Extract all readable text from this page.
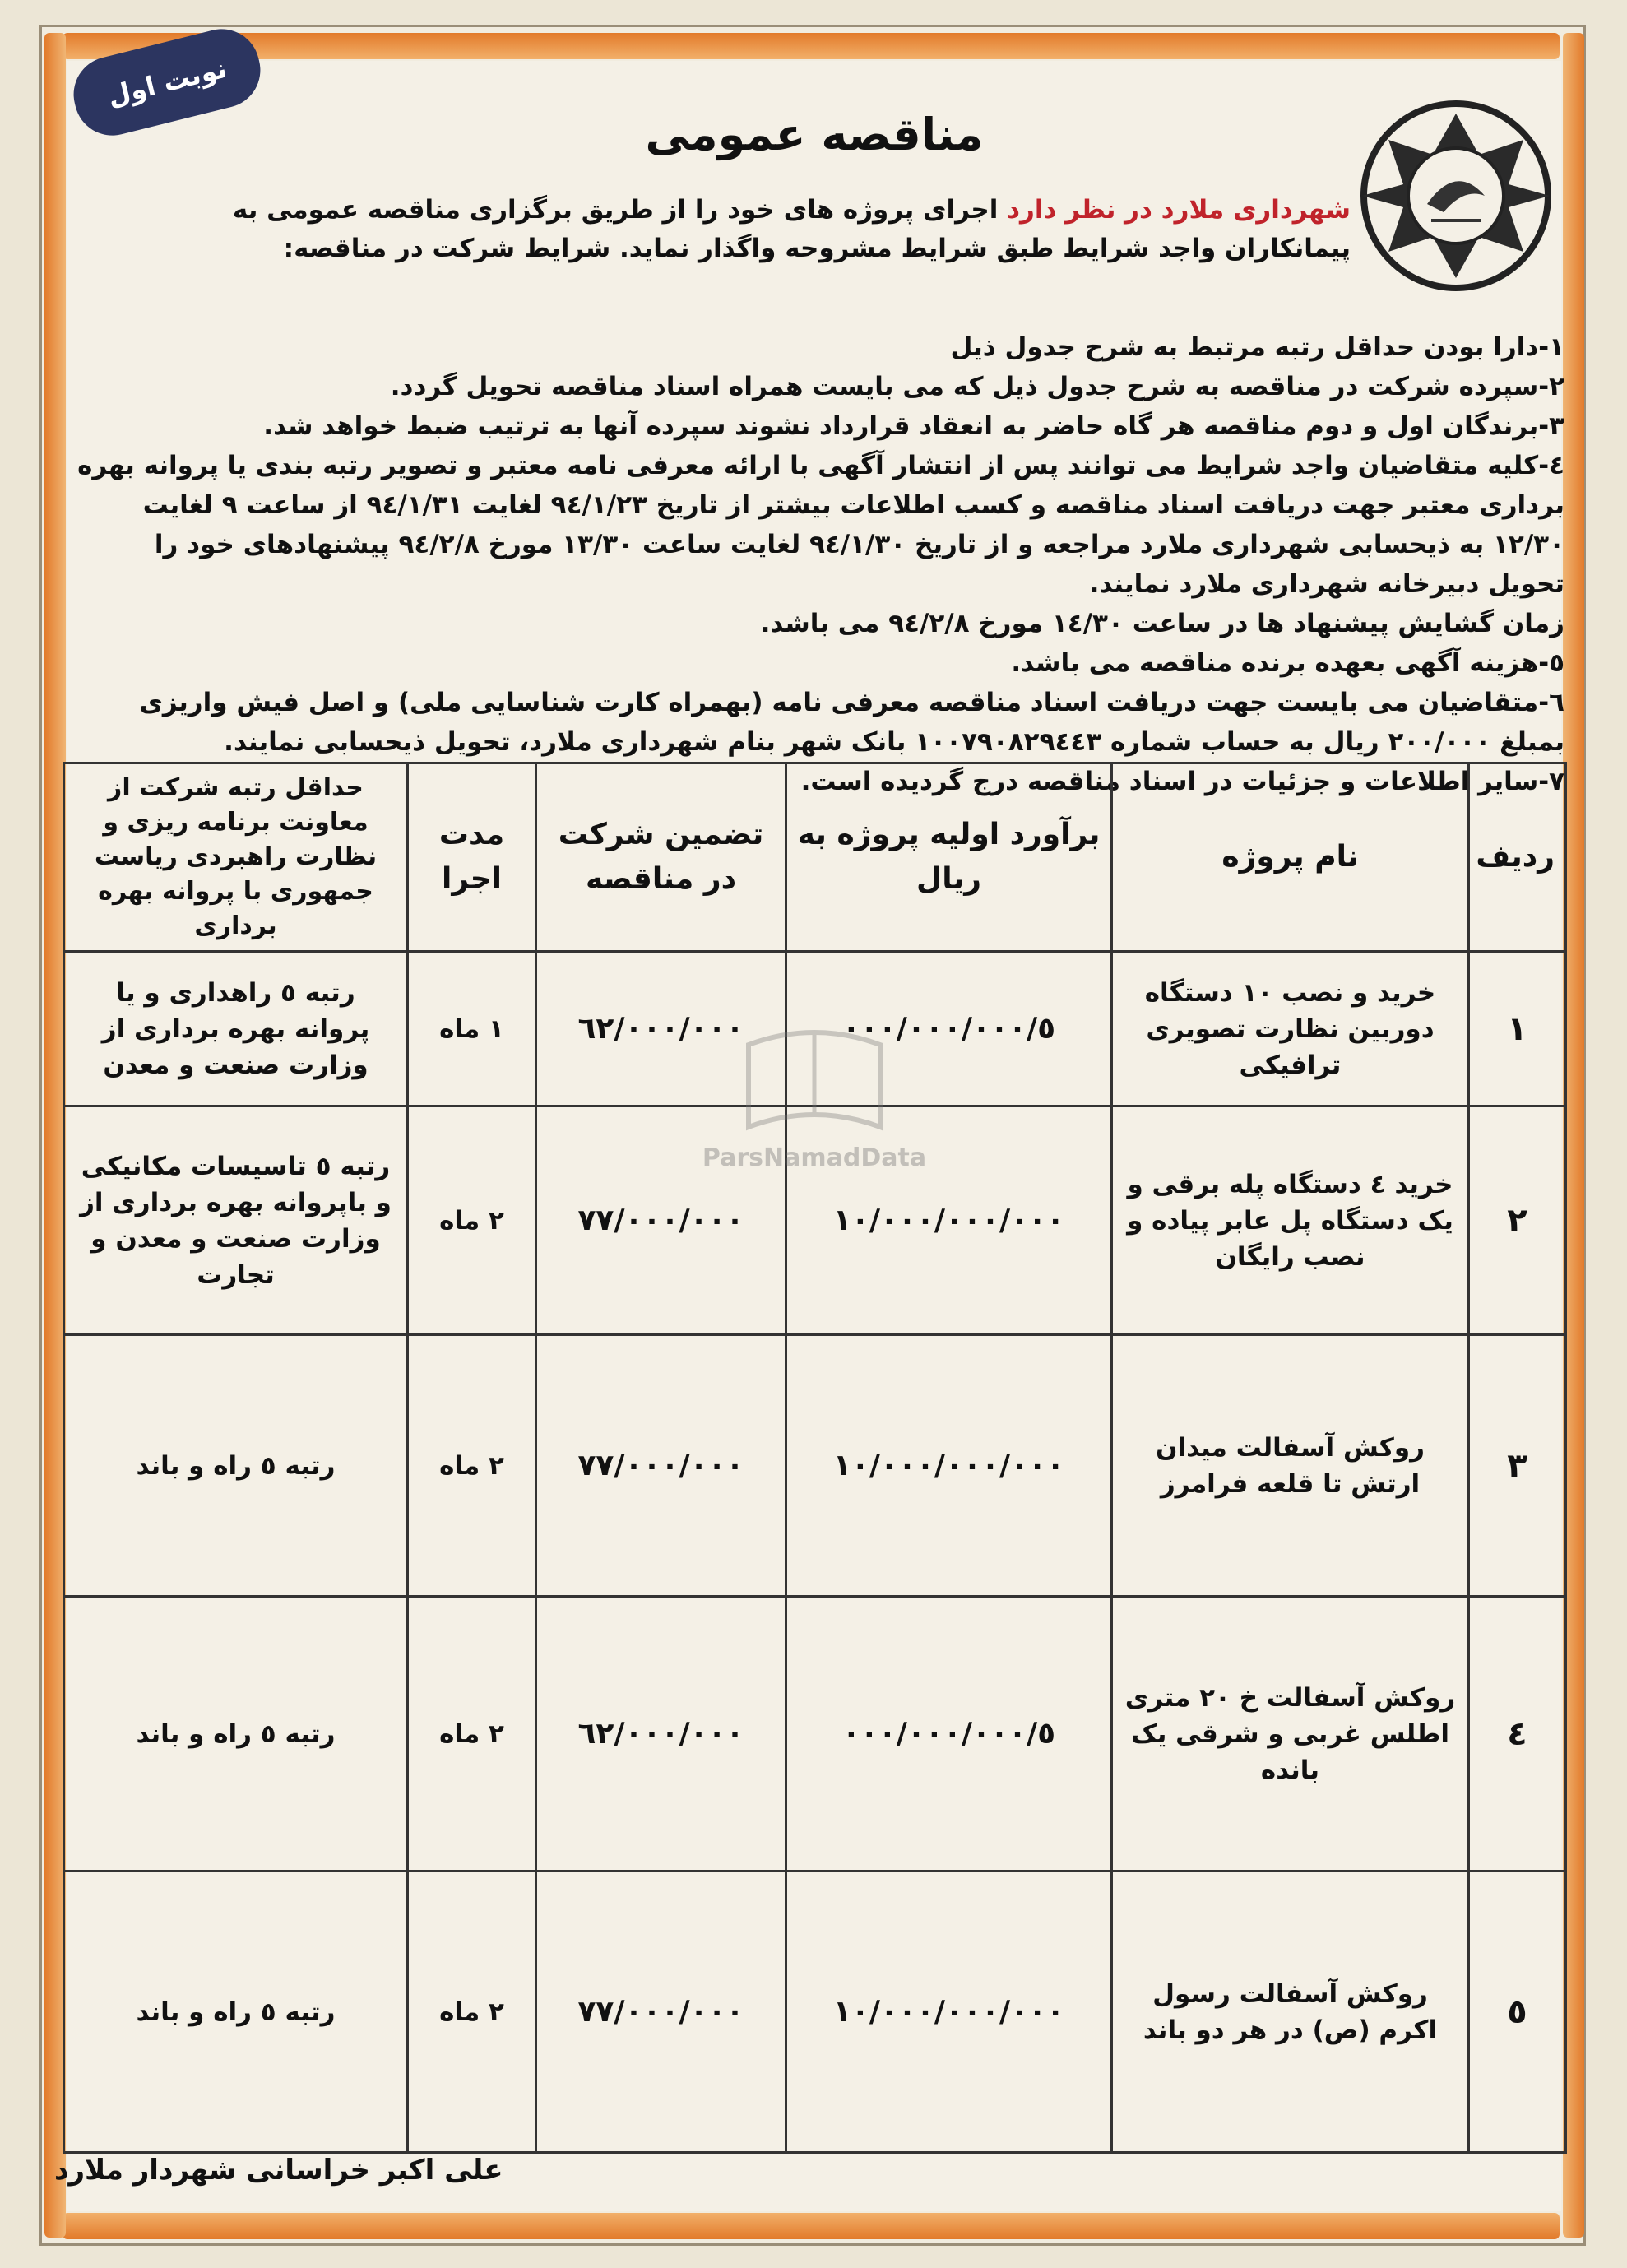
نوبت اول
مناقصه عمومی
شهرداری ملارد در نظر دارد اجرای پروژه های خود را از طریق برگزاری مناقصه عمومی به پیمانکاران واجد شرایط طبق شرایط مشروحه واگذار نماید. شرایط شرکت در مناقصه:

۱-دارا بودن حداقل رتبه مرتبط به شرح جدول ذیل

۲-سپرده شرکت در مناقصه به شرح جدول ذیل که می بایست همراه اسناد مناقصه تحویل گردد.

۳-برندگان اول و دوم مناقصه هر گاه حاضر به انعقاد قرارداد نشوند سپرده آنها به ترتیب ضبط خواهد شد.

٤-کلیه متقاضیان واجد شرایط می توانند پس از انتشار آگهی با ارائه معرفی نامه معتبر و تصویر رتبه بندی یا پروانه بهره برداری معتبر جهت دریافت اسناد مناقصه و کسب اطلاعات بیشتر از تاریخ ۹٤/۱/۲۳ لغایت ۹٤/۱/۳۱ از ساعت ۹ لغایت ۱۲/۳۰ به ذیحسابی شهرداری ملارد مراجعه و از تاریخ ۹٤/۱/۳۰ لغایت ساعت ۱۳/۳۰ مورخ ۹٤/۲/۸ پیشنهادهای خود را تحویل دبیرخانه شهرداری ملارد نمایند.

زمان گشایش پیشنهاد ها در ساعت ۱٤/۳۰ مورخ ۹٤/۲/۸ می باشد.

٥-هزینه آگهی بعهده برنده مناقصه می باشد.

٦-متقاضیان می بایست جهت دریافت اسناد مناقصه معرفی نامه (بهمراه کارت شناسایی ملی) و اصل فیش واریزی بمبلغ ۲۰۰/۰۰۰ ریال به حساب شماره ۱۰۰۷۹۰۸۲۹٤٤۳ بانک شهر بنام شهرداری ملارد، تحویل ذیحسابی نمایند.

۷-سایر اطلاعات و جزئیات در اسناد مناقصه درج گردیده است.

ردیف	نام پروژه	برآورد اولیه پروژه به ریال	تضمین شرکت در مناقصه	مدت اجرا	حداقل رتبه شرکت از معاونت برنامه ریزی و نظارت راهبردی ریاست جمهوری با پروانه بهره برداری
۱	خرید و نصب ۱۰ دستگاه دوربین نظارت تصویری ترافیکی	٥/۰۰۰/۰۰۰/۰۰۰	٦۲/۰۰۰/۰۰۰	۱ ماه	رتبه ٥ راهداری و یا پروانه بهره برداری از وزارت صنعت و معدن
۲	خرید ٤ دستگاه پله برقی و یک دستگاه پل عابر پیاده و نصب رایگان	۱۰/۰۰۰/۰۰۰/۰۰۰	۷۷/۰۰۰/۰۰۰	۲ ماه	رتبه ٥ تاسیسات مکانیکی و باپروانه بهره برداری از وزارت صنعت و معدن و تجارت
۳	روکش آسفالت میدان ارتش تا قلعه فرامرز	۱۰/۰۰۰/۰۰۰/۰۰۰	۷۷/۰۰۰/۰۰۰	۲ ماه	رتبه ٥ راه و باند
٤	روکش آسفالت خ ۲۰ متری اطلس غربی و شرقی یک بانده	٥/۰۰۰/۰۰۰/۰۰۰	٦۲/۰۰۰/۰۰۰	۲ ماه	رتبه ٥ راه و باند
٥	روکش آسفالت رسول اکرم (ص) در هر دو باند	۱۰/۰۰۰/۰۰۰/۰۰۰	۷۷/۰۰۰/۰۰۰	۲ ماه	رتبه ٥ راه و باند
ParsNamadData
علی اکبر خراسانی شهردار ملارد
